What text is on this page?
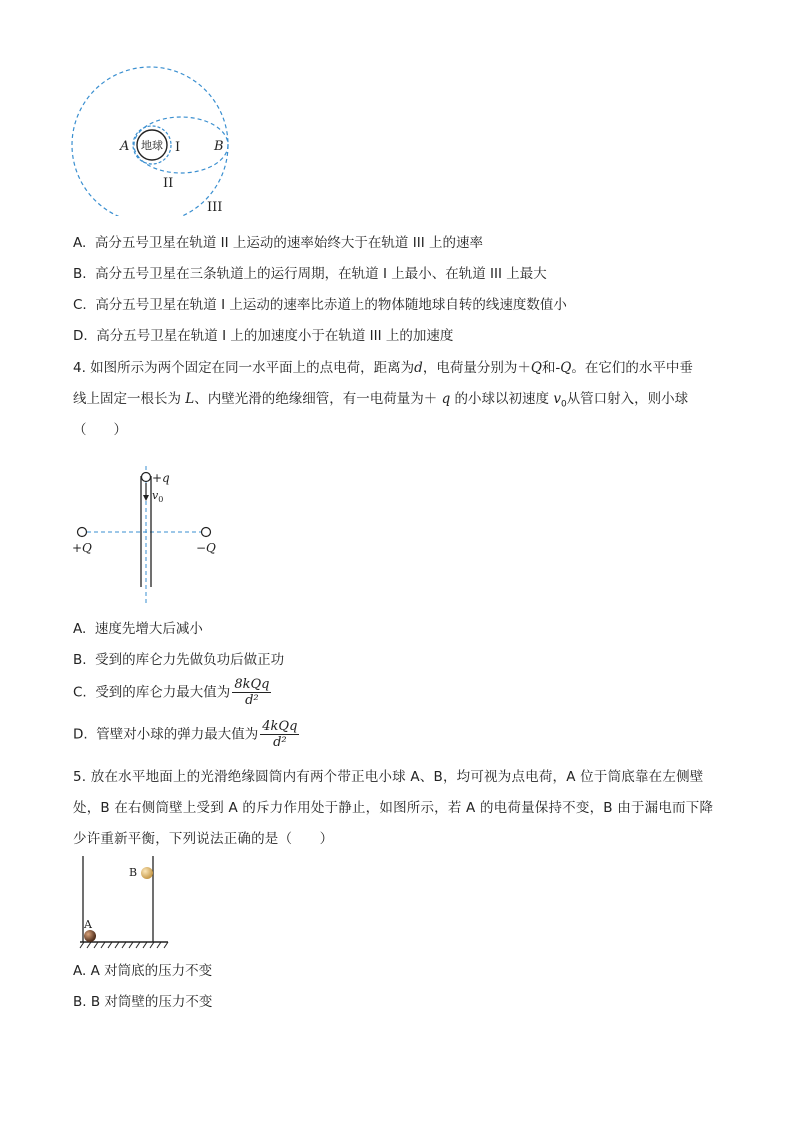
地球
A	I	B
II
III
A. 高分五号卫星在轨道 II 上运动的速率始终大于在轨道 III 上的速率
B. 高分五号卫星在三条轨道上的运行周期，在轨道 I 上最小、在轨道 III 上最大
C. 高分五号卫星在轨道 I 上运动的速率比赤道上的物体随地球自转的线速度数值小
D. 高分五号卫星在轨道 I 上的加速度小于在轨道 III 上的加速度
4. 如图所示为两个固定在同一水平面上的点电荷，距离为d，电荷量分别为＋Q和-Q。在它们的水平中垂
线上固定一根长为 L、内壁光滑的绝缘细管，有一电荷量为＋ q 的小球以初速度 $v_0$从管口射入，则小球
（　　）
+q
$v_0$
+Q	−Q
A. 速度先增大后减小
B. 受到的库仑力先做负功后做正功
C. 受到的库仑力最大值为 $\frac{\text{8kQq}}{\text{d²}}$
D. 管壁对小球的弹力最大值为 $\frac{\text{4kQq}}{\text{d²}}$
5. 放在水平地面上的光滑绝缘圆筒内有两个带正电小球 A、B，均可视为点电荷，A 位于筒底靠在左侧壁处，B 在右侧筒壁上受到 A 的斥力作用处于静止，如图所示，若 A 的电荷量保持不变，B 由于漏电而下降少许重新平衡，下列说法正确的是（　　）
A
B
A. A 对筒底的压力不变
B. B 对筒壁的压力不变
